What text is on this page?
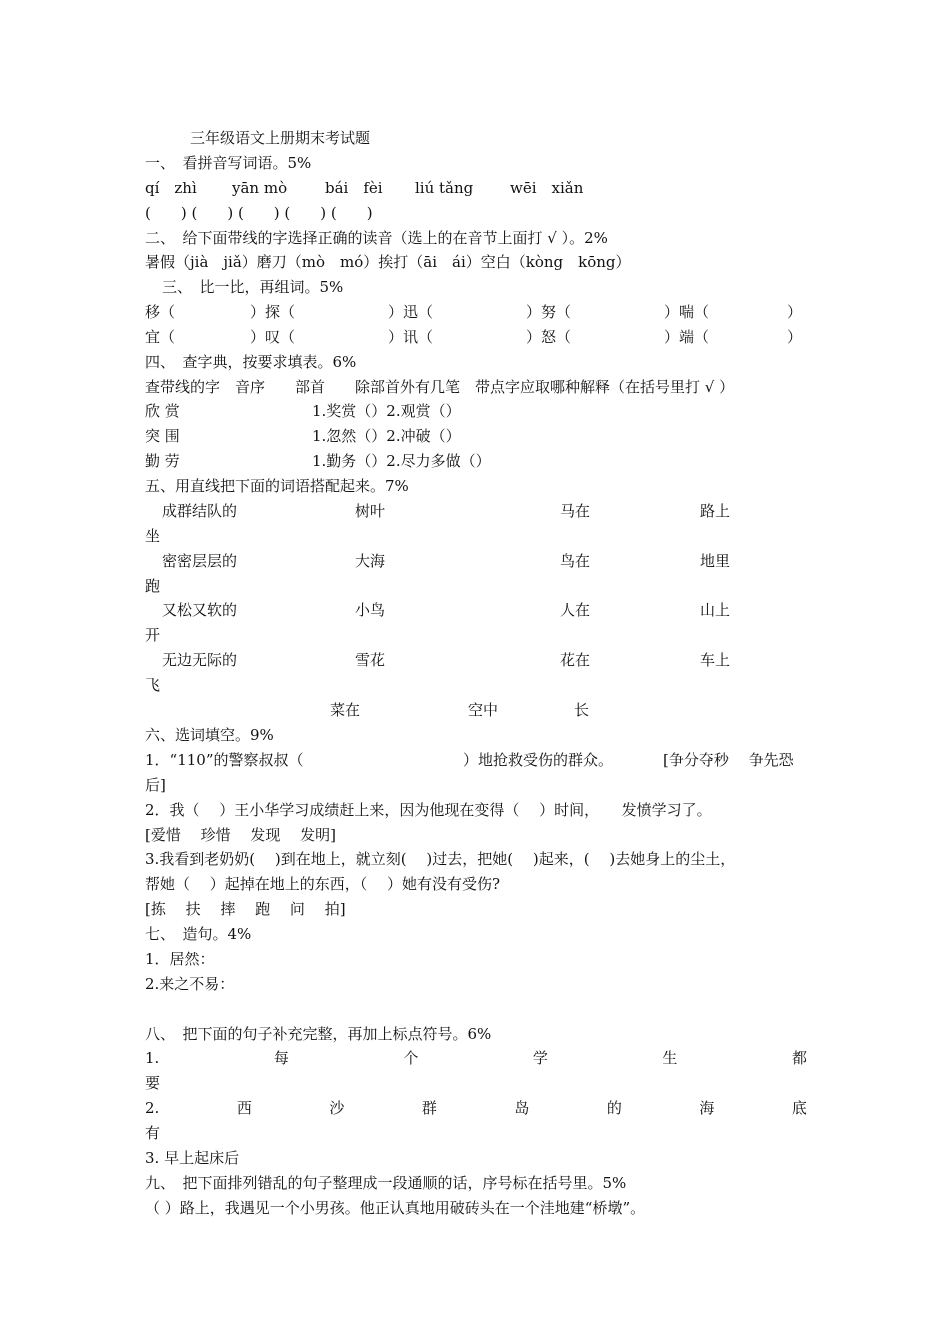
三年级语文上册期末考试题
一、　看拼音写词语。5%
qí　zhì yān mò	bái　fèi liú tǎng wēi　xiǎn
(　　) (　　) (　　) (　　) (　　)
二、　给下面带线的字选择正确的读音（选上的在音节上面打 √ ）。2%
暑假（jià　jiǎ）磨刀（mò　mó）挨打（āi　ái）空白（kòng　kōng）
三、　比一比，再组词。5%
移（	）探（	）迅（	）努（	）喘（	）
宜（	）叹（	）讯（	）怒（	）端（	）
四、　查字典，按要求填表。6%
查带线的字　音序　　部首　　除部首外有几笔　带点字应取哪种解释（在括号里打 √ ）
欣 赏	1.奖赏（）2.观赏（）
突 围	1.忽然（）2.冲破（）
勤 劳	1.勤务（）2.尽力多做（）
五、用直线把下面的词语搭配起来。7%
成群结队的	树叶	马在	路上
坐
密密层层的	大海	鸟在	地里
跑
又松又软的	小鸟	人在	山上
开
无边无际的	雪花	花在	车上
飞
菜在	空中	长
六、选词填空。9%
1．“110”的警察叔叔（	）地抢救受伤的群众。	[争分夺秒　 争先恐
后]
2．我（　 ）王小华学习成绩赶上来，因为他现在变得（　 ）时间，　　发愤学习了。
[爱惜　 珍惜　 发现　 发明]
3.我看到老奶奶(　 )到在地上，就立刻(　 )过去，把她(　 )起来，(　 )去她身上的尘土，
帮她（　 ）起掉在地上的东西，（　 ）她有没有受伤?
[拣　 扶　 摔　 跑　 问　 拍]
七、　造句。4%
1．居然：
2.来之不易：
八、　把下面的句子补充完整，再加上标点符号。6%
1.	每	个	学	生	都
要
2.	西	沙	群	岛	的	海	底
有
3. 早上起床后
九、　把下面排列错乱的句子整理成一段通顺的话，序号标在括号里。5%
（ ）路上，我遇见一个小男孩。他正认真地用破砖头在一个洼地建“桥墩”。
